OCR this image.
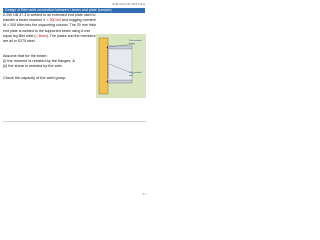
CHE Chan #2 SPZ Feng
Design of fillet weld connection between I beam and plate (sample)
A 250 UB 37.3 is welded to an extended end plate used to transfer a beam reaction V = 300 kN and hogging moment M = 200 kNm into the supporting column. The 20 mm thick end plate is welded to the supported beam using 8 mm equal leg fillet weld (= 8mm). The plates and the members are all in S275 steel.

Assume that for the beam:

(i) the moment is resisted by the flanges, &

(ii) the shear is resisted by the web.

Check the capacity of the weld group.

Fillet welded
flange
Fillet welded
web
57
